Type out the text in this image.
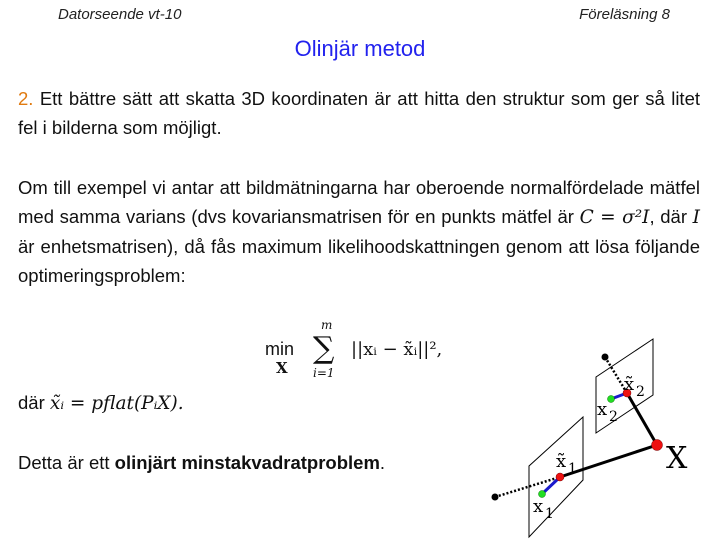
Datorseende vt-10	Föreläsning 8
Olinjär metod
2. Ett bättre sätt att skatta 3D koordinaten är att hitta den struktur som ger så litet fel i bilderna som möjligt.
Om till exempel vi antar att bildmätningarna har oberoende normalfördelade mätfel med samma varians (dvs kovariansmatrisen för en punkts mätfel är C = σ²I, där I är enhetsmatrisen), då fås maximum likelihoodskattningen genom att lösa följande optimeringsproblem:
min
X
m
∑
i=1
||xᵢ − x̃ᵢ||²,
där x̃ᵢ = pflat(PᵢX).
Detta är ett olinjärt minstakvadratproblem.	X
x̃ 2
x 2
x̃ 1
x 1
